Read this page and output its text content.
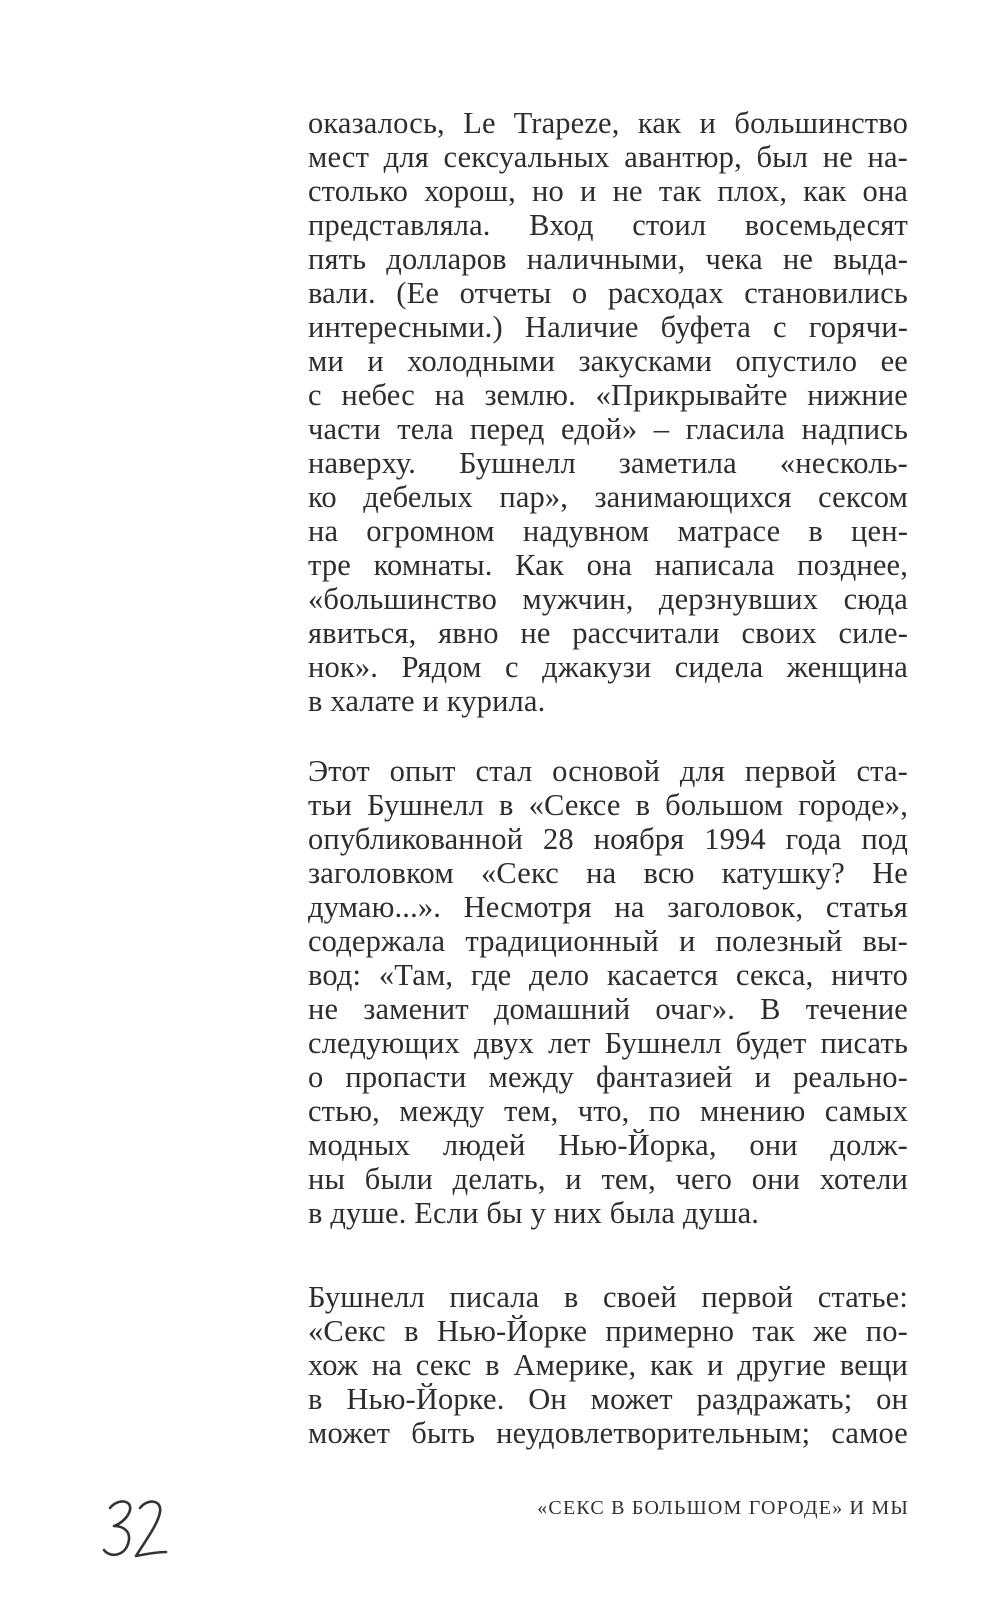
оказалось, Le Trapeze, как и большинство
мест для сексуальных авантюр, был не на-
столько хорош, но и не так плох, как она
представляла. Вход стоил восемьдесят
пять долларов наличными, чека не выда-
вали. (Ее отчеты о расходах становились
интересными.) Наличие буфета с горячи-
ми и холодными закусками опустило ее
с небес на землю. «Прикрывайте нижние
части тела перед едой» – гласила надпись
наверху. Бушнелл заметила «несколь-
ко дебелых пар», занимающихся сексом
на огромном надувном матрасе в цен-
тре комнаты. Как она написала позднее,
«большинство мужчин, дерзнувших сюда
явиться, явно не рассчитали своих силе-
нок». Рядом с джакузи сидела женщина
в халате и курила.
Этот опыт стал основой для первой ста-
тьи Бушнелл в «Сексе в большом городе»,
опубликованной 28 ноября 1994 года под
заголовком «Секс на всю катушку? Не
думаю...». Несмотря на заголовок, статья
содержала традиционный и полезный вы-
вод: «Там, где дело касается секса, ничто
не заменит домашний очаг». В течение
следующих двух лет Бушнелл будет писать
о пропасти между фантазией и реально-
стью, между тем, что, по мнению самых
модных людей Нью-Йорка, они долж-
ны были делать, и тем, чего они хотели
в душе. Если бы у них была душа.
Бушнелл писала в своей первой статье:
«Секс в Нью-Йорке примерно так же по-
хож на секс в Америке, как и другие вещи
в Нью-Йорке. Он может раздражать; он
может быть неудовлетворительным; самое
«СЕКС В БОЛЬШОМ ГОРОДЕ» И МЫ
